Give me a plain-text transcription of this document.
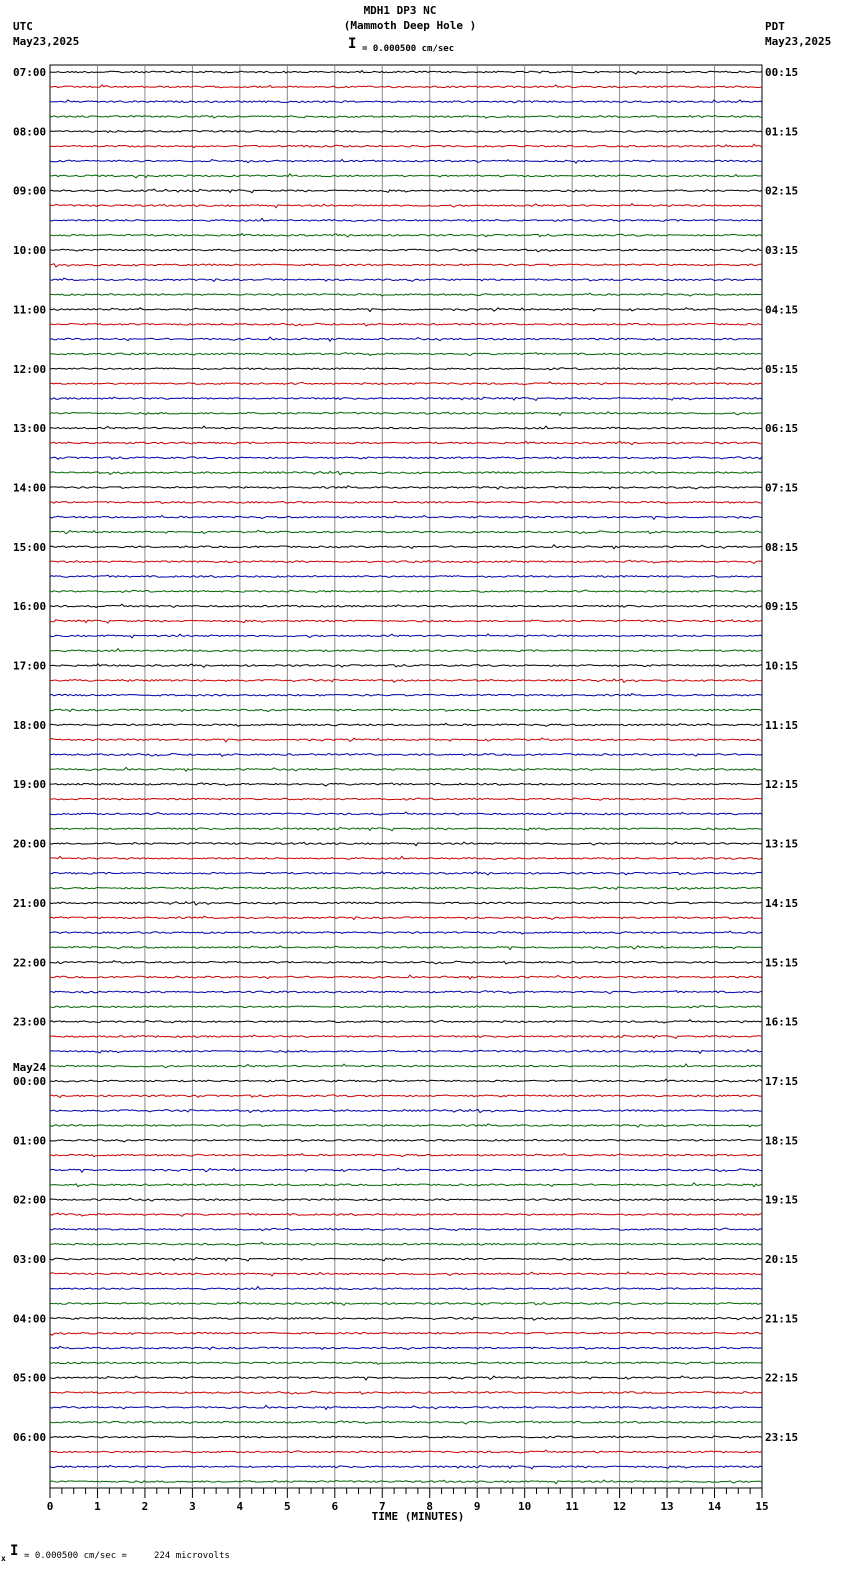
MDH1 DP3 NC
(Mammoth Deep Hole )
Ι = 0.000500 cm/sec
UTC
May23,2025
PDT
May23,2025
07:00	00:15
08:00	01:15
09:00	02:15
10:00	03:15
11:00	04:15
12:00	05:15
13:00	06:15
14:00	07:15
15:00	08:15
16:00	09:15
17:00	10:15
18:00	11:15
19:00	12:15
20:00	13:15
21:00	14:15
22:00	15:15
23:00	16:15
00:00	17:15
01:00	18:15
02:00	19:15
03:00	20:15
04:00	21:15
05:00	22:15
06:00	23:15
May24
0	1	2	3	4	5	6	7	8	9	10	11	12	13	14	15
TIME (MINUTES)
x Ι = 0.000500 cm/sec =     224 microvolts
